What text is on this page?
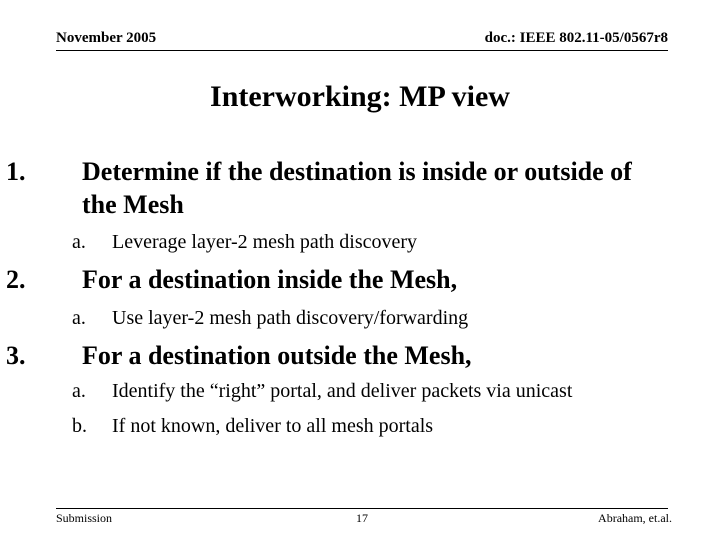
November 2005	doc.: IEEE 802.11-05/0567r8
Interworking: MP view
1. Determine if the destination is inside or outside of
the Mesh
a. Leverage layer-2 mesh path discovery
2. For a destination inside the Mesh,
a. Use layer-2 mesh path discovery/forwarding
3. For a destination outside the Mesh,
a. Identify the “right” portal, and deliver packets via unicast
b. If not known, deliver to all mesh portals
Submission	17	Abraham, et.al.
